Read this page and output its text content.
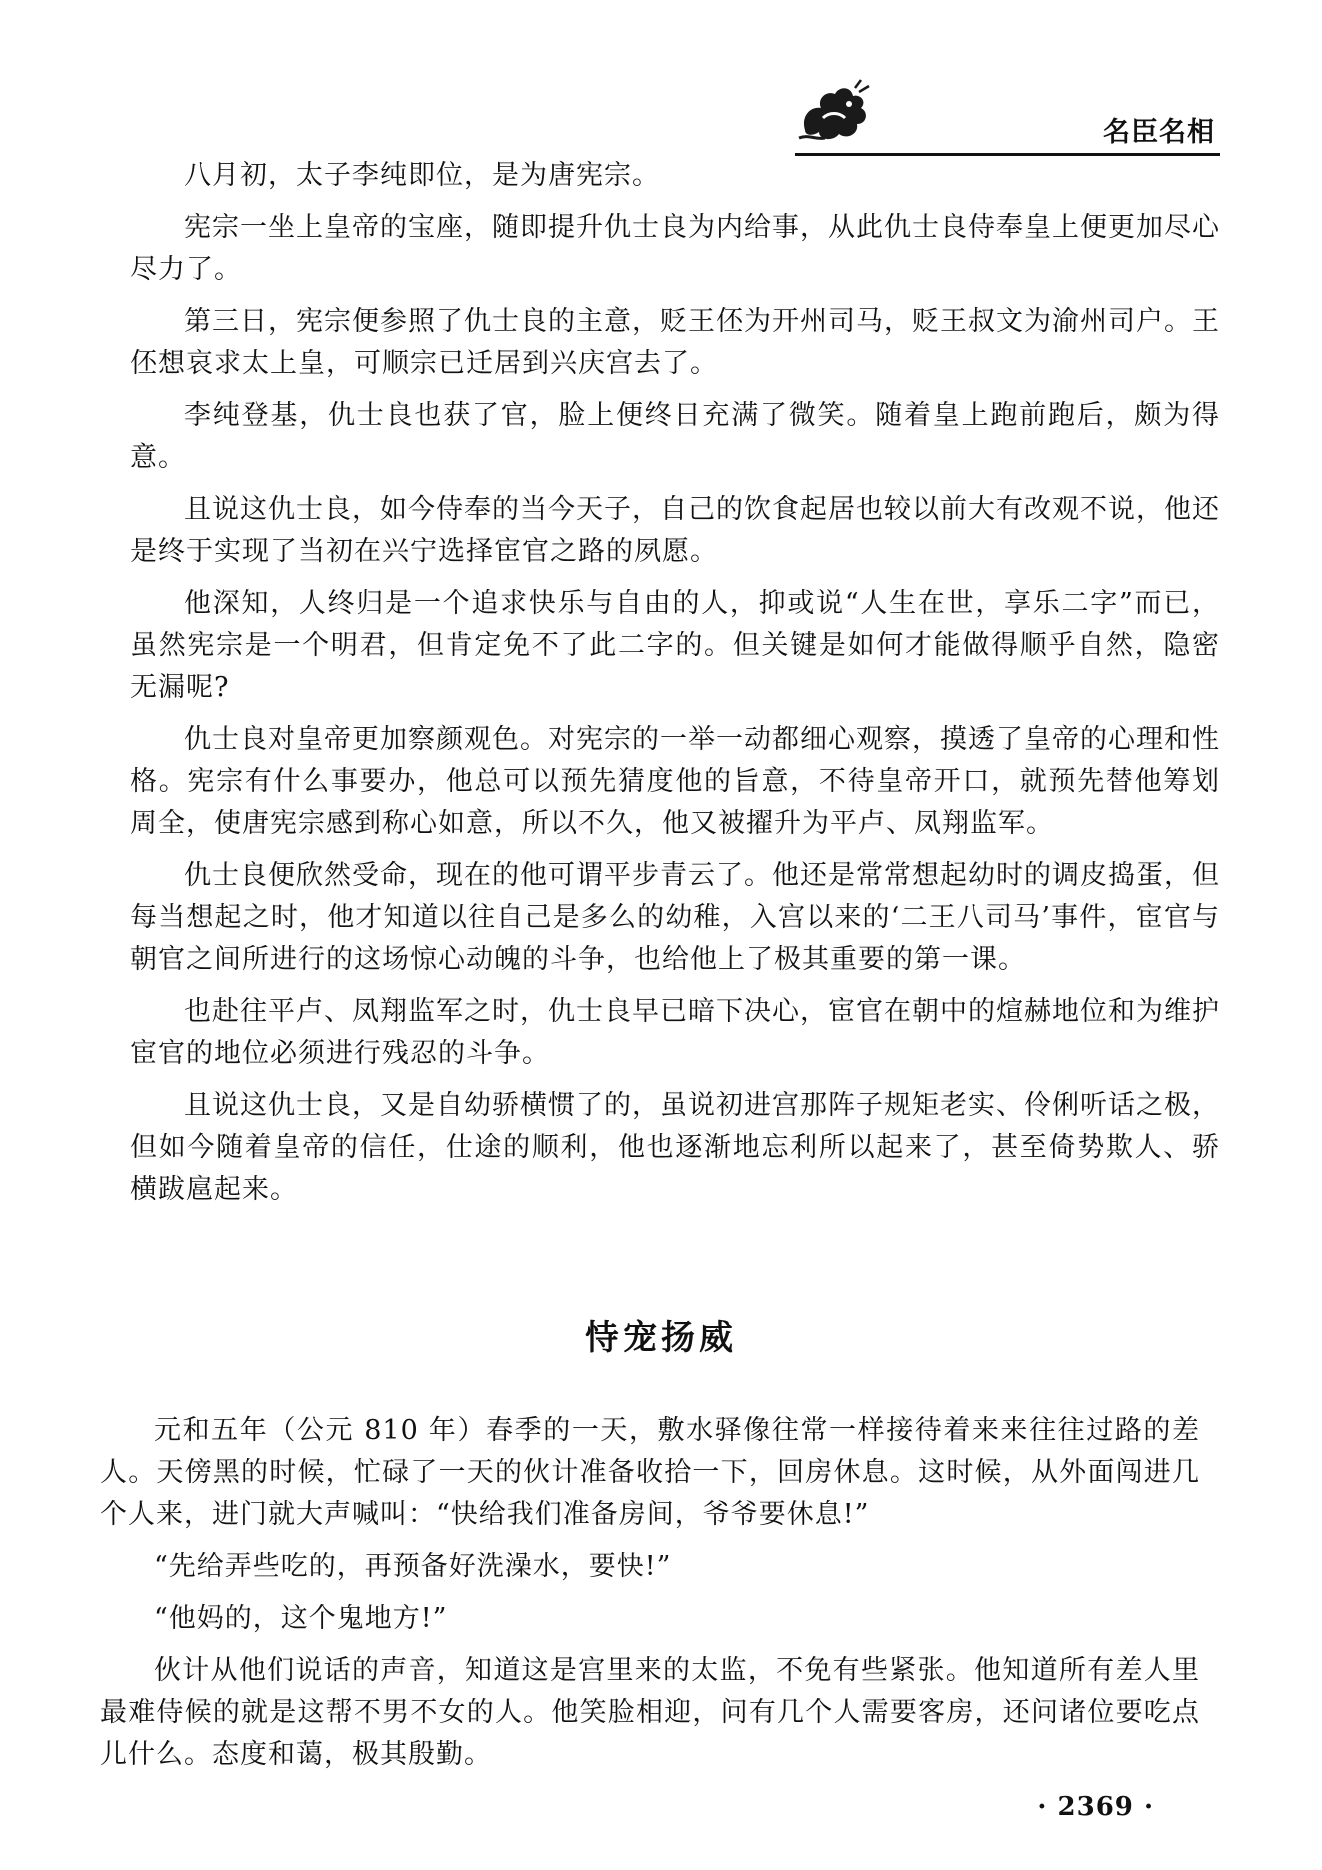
名臣名相

八月初，太子李纯即位，是为唐宪宗。

宪宗一坐上皇帝的宝座，随即提升仇士良为内给事，从此仇士良侍奉皇上便更加尽心尽力了。

第三日，宪宗便参照了仇士良的主意，贬王伾为开州司马，贬王叔文为渝州司户。王伾想哀求太上皇，可顺宗已迁居到兴庆宫去了。

李纯登基，仇士良也获了官，脸上便终日充满了微笑。随着皇上跑前跑后，颇为得意。

且说这仇士良，如今侍奉的当今天子，自己的饮食起居也较以前大有改观不说，他还是终于实现了当初在兴宁选择宦官之路的夙愿。

他深知，人终归是一个追求快乐与自由的人，抑或说“人生在世，享乐二字”而已，虽然宪宗是一个明君，但肯定免不了此二字的。但关键是如何才能做得顺乎自然，隐密无漏呢?

仇士良对皇帝更加察颜观色。对宪宗的一举一动都细心观察，摸透了皇帝的心理和性格。宪宗有什么事要办，他总可以预先猜度他的旨意，不待皇帝开口，就预先替他筹划周全，使唐宪宗感到称心如意，所以不久，他又被擢升为平卢、凤翔监军。

仇士良便欣然受命，现在的他可谓平步青云了。他还是常常想起幼时的调皮捣蛋，但每当想起之时，他才知道以往自己是多么的幼稚，入宫以来的‘二王八司马’事件，宦官与朝官之间所进行的这场惊心动魄的斗争，也给他上了极其重要的第一课。

也赴往平卢、凤翔监军之时，仇士良早已暗下决心，宦官在朝中的煊赫地位和为维护宦官的地位必须进行残忍的斗争。

且说这仇士良，又是自幼骄横惯了的，虽说初进宫那阵子规矩老实、伶俐听话之极，但如今随着皇帝的信任，仕途的顺利，他也逐渐地忘利所以起来了，甚至倚势欺人、骄横跋扈起来。

恃宠扬威

元和五年（公元 810 年）春季的一天，敷水驿像往常一样接待着来来往往过路的差人。天傍黑的时候，忙碌了一天的伙计准备收拾一下，回房休息。这时候，从外面闯进几个人来，进门就大声喊叫：“快给我们准备房间，爷爷要休息!”

“先给弄些吃的，再预备好洗澡水，要快!”

“他妈的，这个鬼地方!”

伙计从他们说话的声音，知道这是宫里来的太监，不免有些紧张。他知道所有差人里最难侍候的就是这帮不男不女的人。他笑脸相迎，问有几个人需要客房，还问诸位要吃点儿什么。态度和蔼，极其殷勤。

· 2369 ·
